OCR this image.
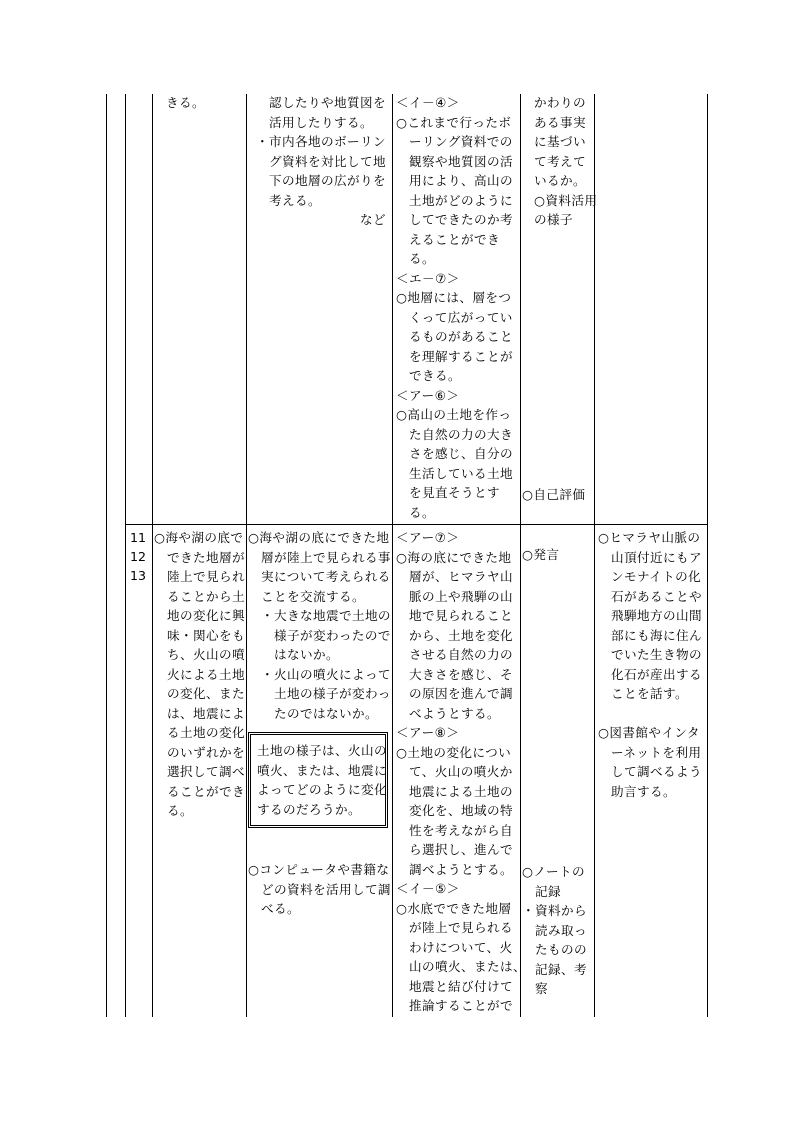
きる。	　認したりや地質図を
　活用したりする。
・市内各地のボーリン
　グ資料を対比して地
　下の地層の広がりを
　考える。
　　　　　　　　など
＜イ－④＞
○これまで行ったボ
　ーリング資料での
　観察や地質図の活
　用により、高山の
　土地がどのように
　してできたのか考
　えることができ
　る。
＜エ－⑦＞
○地層には、層をつ
　くって広がってい
　るものがあること
　を理解することが
　できる。
＜アー⑥＞
○高山の土地を作っ
　た自然の力の大き
　さを感じ、自分の
　生活している土地
　を見直そうとす
　る。
かわりの
ある事実
に基づい
て考えて
いるか。
○資料活用
の様子
○自己評価
11
12
13
○海や湖の底で
　できた地層が
　陸上で見られ
　ることから土
　地の変化に興
　味・関心をも
　ち、火山の噴
　火による土地
　の変化、また
　は、地震によ
　る土地の変化
　のいずれかを
　選択して調べ
　ることができ
　る。
○海や湖の底にできた地
　層が陸上で見られる事
　実について考えられる
　ことを交流する。
　・大きな地震で土地の
　　様子が変わったので
　　はないか。
　・火山の噴火によって
　　土地の様子が変わっ
　　たのではないか。
土地の様子は、火山の
噴火、または、地震に
よってどのように変化
するのだろうか。
○コンピュータや書籍な
　どの資料を活用して調
　べる。
＜アー⑦＞
○海の底にできた地
　層が、ヒマラヤ山
　脈の上や飛騨の山
　地で見られること
　から、土地を変化
　させる自然の力の
　大きさを感じ、そ
　の原因を進んで調
　べようとする。
＜アー⑧＞
○土地の変化につい
　て、火山の噴火か
　地震による土地の
　変化を、地域の特
　性を考えながら自
　ら選択し、進んで
　調べようとする。
＜イ－⑤＞
○水底でできた地層
　が陸上で見られる
　わけについて、火
　山の噴火、または、
　地震と結び付けて
　推論することがで
○発言
○ノートの
　記録
・資料から
　読み取っ
　たものの
　記録、考
　察
○ヒマラヤ山脈の
　山頂付近にもア
　ンモナイトの化
　石があることや
　飛騨地方の山間
　部にも海に住ん
　でいた生き物の
　化石が産出する
　ことを話す。

○図書館やインタ
　ーネットを利用
　して調べるよう
　助言する。
